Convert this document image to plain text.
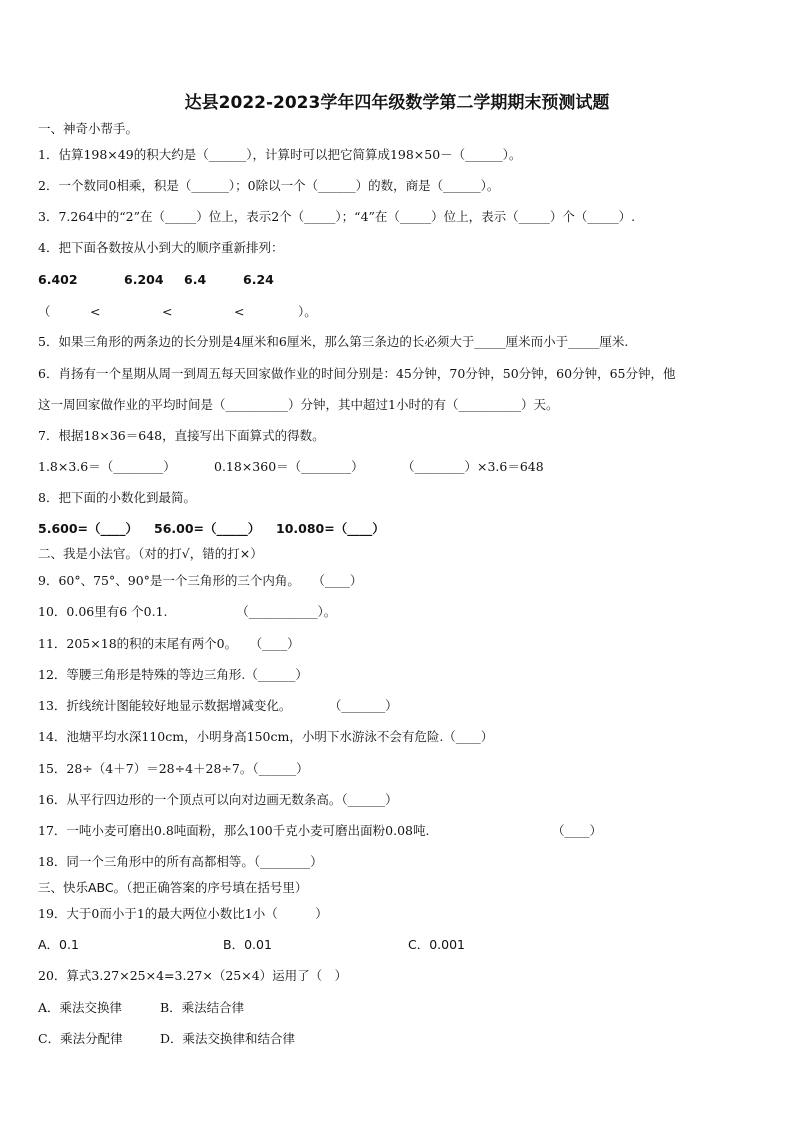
达县2022-2023学年四年级数学第二学期期末预测试题
一、神奇小帮手。
1．估算198×49的积大约是（______），计算时可以把它简算成198×50－（______）。
2．一个数同0相乘，积是（______）；0除以一个（______）的数，商是（______）。
3．7.264中的“2”在（_____）位上，表示2个（_____）；“4”在（_____）位上，表示（_____）个（_____）.
4．把下面各数按从小到大的顺序重新排列：
6.402	6.204 6.4	6.24
（	<	<	<	）。
5．如果三角形的两条边的长分别是4厘米和6厘米，那么第三条边的长必须大于_____厘米而小于_____厘米.
6．肖扬有一个星期从周一到周五每天回家做作业的时间分别是：45分钟，70分钟，50分钟，60分钟，65分钟，他
这一周回家做作业的平均时间是（__________）分钟，其中超过1小时的有（__________）天。
7．根据18×36＝648，直接写出下面算式的得数。
1.8×3.6＝（________）	0.18×360＝（________）	（________）×3.6＝648
8．把下面的小数化到最简。
5.600=（____） 56.00=（_____） 10.080=（____）
二、我是小法官。（对的打√，错的打×）
9．60°、75°、90°是一个三角形的三个内角。　　（____）
10．0.06里有6 个0.1.　　　　　　（___________）。
11．205×18的积的末尾有两个0。　　（____）
12．等腰三角形是特殊的等边三角形.（______）
13．折线统计图能较好地显示数据增减变化。　　　　（_______）
14．池塘平均水深110cm，小明身高150cm，小明下水游泳不会有危险.（____）
15．28÷（4＋7）＝28÷4＋28÷7。（______）
16．从平行四边形的一个顶点可以向对边画无数条高。（______）
17．一吨小麦可磨出0.8吨面粉，那么100千克小麦可磨出面粉0.08吨.	（____）
18．同一个三角形中的所有高都相等。（________）
三、快乐ABC。（把正确答案的序号填在括号里）
19．大于0而小于1的最大两位小数比1小（　　　）
A．0.1	B．0.01	C．0.001
20．算式3.27×25×4=3.27×（25×4）运用了（　）
A．乘法交换律	B．乘法结合律
C．乘法分配律	D．乘法交换律和结合律
